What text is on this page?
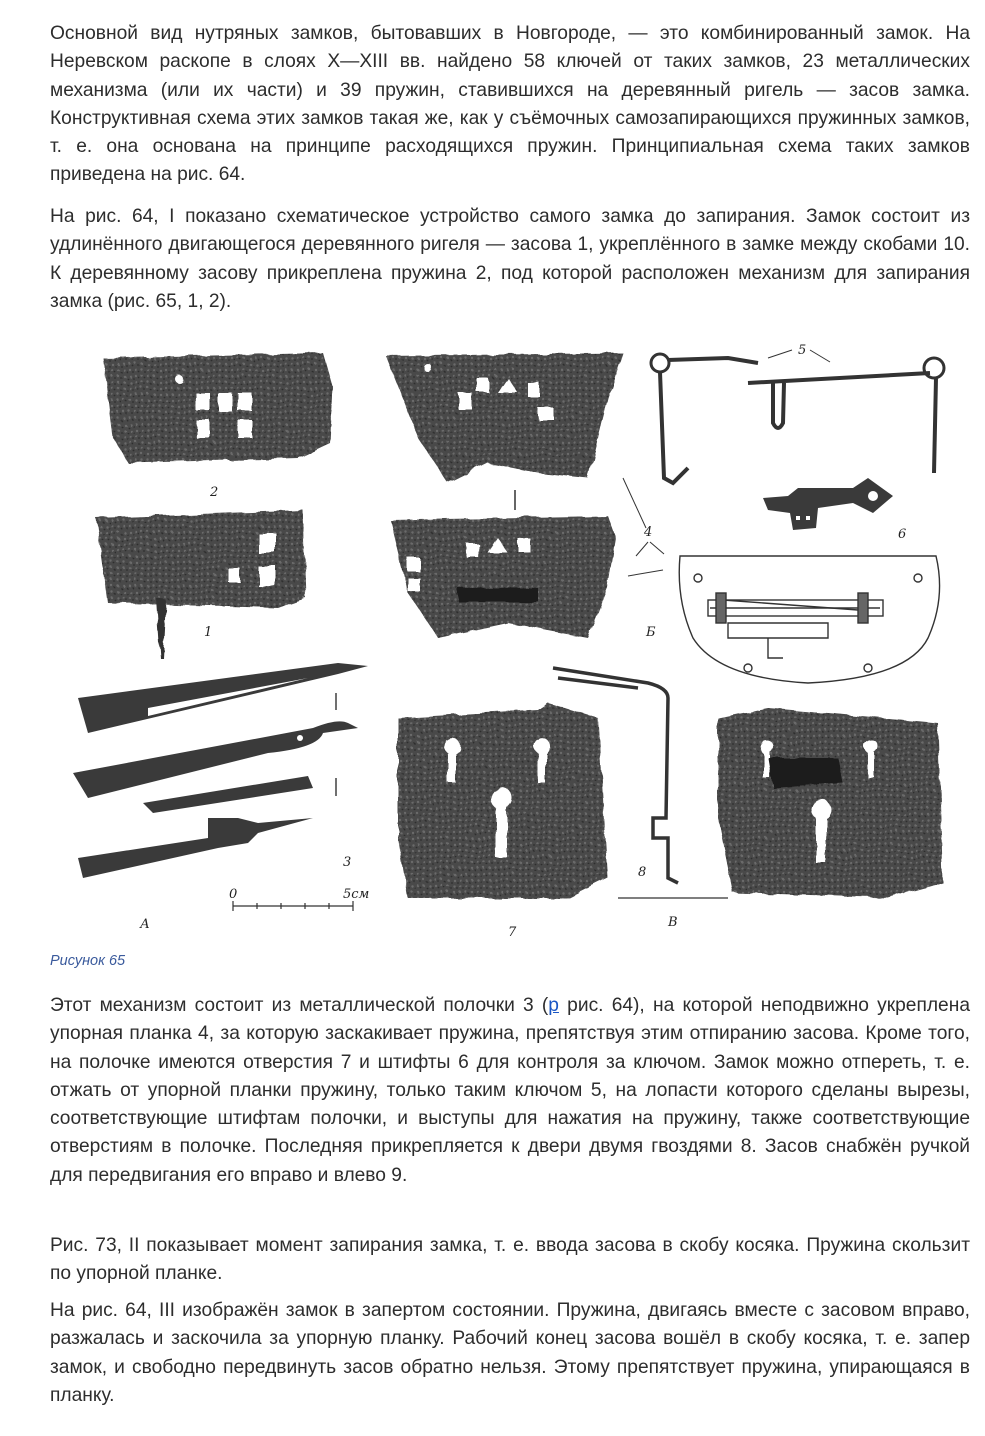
Основной вид нутряных замков, бытовавших в Новгороде, — это комбинированный замок. На Неревском раскопе в слоях X—XIII вв. найдено 58 ключей от таких замков, 23 металлических механизма (или их части) и 39 пружин, ставившихся на деревянный ригель — засов замка. Конструктивная схема этих замков такая же, как у съёмочных самозапирающихся пружинных замков, т. е. она основана на принципе расходящихся пружин. Принципиальная схема таких замков приведена на рис. 64.

На рис. 64, I показано схематическое устройство самого замка до запирания. Замок состоит из удлинённого двигающегося деревянного ригеля — засова 1, укреплённого в замке между скобами 10. К деревянному засову прикреплена пружина 2, под которой расположен механизм для запирания замка (рис. 65, 1, 2).

2
1	Б
5
6
4
3
А
0	5см
7
8
В
Рисунок 65

Этот механизм состоит из металлической полочки 3 (р рис. 64), на которой неподвижно укреплена упорная планка 4, за которую заскакивает пружина, препятствуя этим отпиранию засова. Кроме того, на полочке имеются отверстия 7 и штифты 6 для контроля за ключом. Замок можно отпереть, т. е. отжать от упорной планки пружину, только таким ключом 5, на лопасти которого сделаны вырезы, соответствующие штифтам полочки, и выступы для нажатия на пружину, также соответствующие отверстиям в полочке. Последняя прикрепляется к двери двумя гвоздями 8. Засов снабжён ручкой для передвигания его вправо и влево 9.

Рис. 73, II показывает момент запирания замка, т. е. ввода засова в скобу косяка. Пружина скользит по упорной планке.

На рис. 64, III изображён замок в запертом состоянии. Пружина, двигаясь вместе с засовом вправо, разжалась и заскочила за упорную планку. Рабочий конец засова вошёл в скобу косяка, т. е. запер замок, и свободно передвинуть засов обратно нельзя. Этому препятствует пружина, упирающаяся в планку.
